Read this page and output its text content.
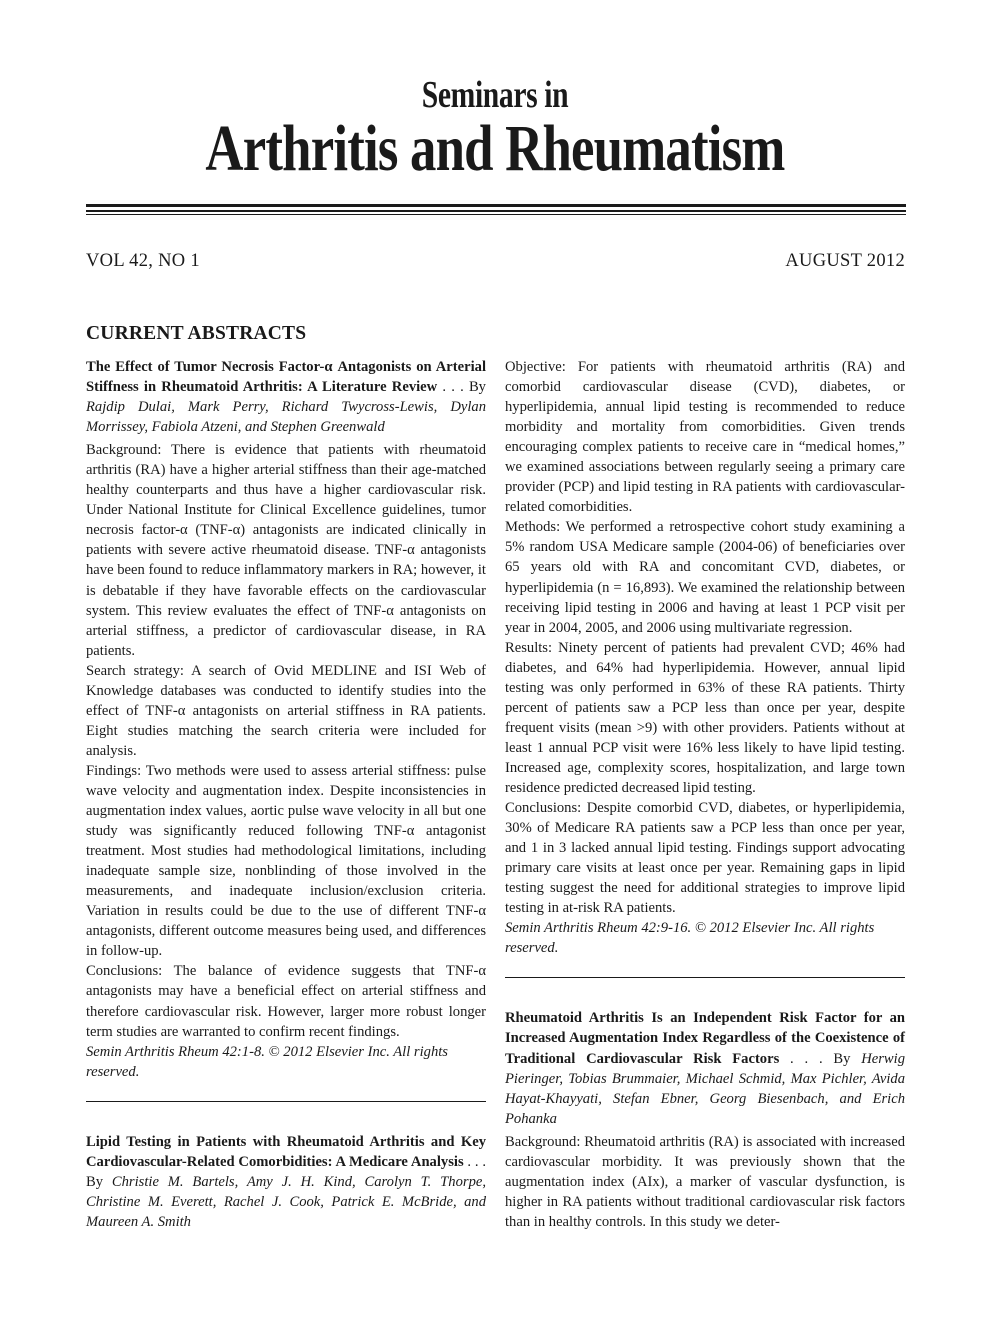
Seminars in
Arthritis and Rheumatism
VOL 42, NO 1	AUGUST 2012
CURRENT ABSTRACTS
The Effect of Tumor Necrosis Factor-α Antagonists on Arterial Stiffness in Rheumatoid Arthritis: A Literature Review . . . By Rajdip Dulai, Mark Perry, Richard Twycross-Lewis, Dylan Morrissey, Fabiola Atzeni, and Stephen Greenwald
Background: There is evidence that patients with rheumatoid arthritis (RA) have a higher arterial stiffness than their age-matched healthy counterparts and thus have a higher cardiovascular risk. Under National Institute for Clinical Excellence guidelines, tumor necrosis factor-α (TNF-α) antagonists are indicated clinically in patients with severe active rheumatoid disease. TNF-α antagonists have been found to reduce inflammatory markers in RA; however, it is debatable if they have favorable effects on the cardiovascular system. This review evaluates the effect of TNF-α antagonists on arterial stiffness, a predictor of cardiovascular disease, in RA patients.
Search strategy: A search of Ovid MEDLINE and ISI Web of Knowledge databases was conducted to identify studies into the effect of TNF-α antagonists on arterial stiffness in RA patients. Eight studies matching the search criteria were included for analysis.
Findings: Two methods were used to assess arterial stiffness: pulse wave velocity and augmentation index. Despite inconsistencies in augmentation index values, aortic pulse wave velocity in all but one study was significantly reduced following TNF-α antagonist treatment. Most studies had methodological limitations, including inadequate sample size, nonblinding of those involved in the measurements, and inadequate inclusion/exclusion criteria. Variation in results could be due to the use of different TNF-α antagonists, different outcome measures being used, and differences in follow-up.
Conclusions: The balance of evidence suggests that TNF-α antagonists may have a beneficial effect on arterial stiffness and therefore cardiovascular risk. However, larger more robust longer term studies are warranted to confirm recent findings.
Semin Arthritis Rheum 42:1-8. © 2012 Elsevier Inc. All rights reserved.
Lipid Testing in Patients with Rheumatoid Arthritis and Key Cardiovascular-Related Comorbidities: A Medicare Analysis . . . By Christie M. Bartels, Amy J. H. Kind, Carolyn T. Thorpe, Christine M. Everett, Rachel J. Cook, Patrick E. McBride, and Maureen A. Smith
Objective: For patients with rheumatoid arthritis (RA) and comorbid cardiovascular disease (CVD), diabetes, or hyperlipidemia, annual lipid testing is recommended to reduce morbidity and mortality from comorbidities. Given trends encouraging complex patients to receive care in “medical homes,” we examined associations between regularly seeing a primary care provider (PCP) and lipid testing in RA patients with cardiovascular-related comorbidities.
Methods: We performed a retrospective cohort study examining a 5% random USA Medicare sample (2004-06) of beneficiaries over 65 years old with RA and concomitant CVD, diabetes, or hyperlipidemia (n = 16,893). We examined the relationship between receiving lipid testing in 2006 and having at least 1 PCP visit per year in 2004, 2005, and 2006 using multivariate regression.
Results: Ninety percent of patients had prevalent CVD; 46% had diabetes, and 64% had hyperlipidemia. However, annual lipid testing was only performed in 63% of these RA patients. Thirty percent of patients saw a PCP less than once per year, despite frequent visits (mean >9) with other providers. Patients without at least 1 annual PCP visit were 16% less likely to have lipid testing. Increased age, complexity scores, hospitalization, and large town residence predicted decreased lipid testing.
Conclusions: Despite comorbid CVD, diabetes, or hyperlipidemia, 30% of Medicare RA patients saw a PCP less than once per year, and 1 in 3 lacked annual lipid testing. Findings support advocating primary care visits at least once per year. Remaining gaps in lipid testing suggest the need for additional strategies to improve lipid testing in at-risk RA patients.
Semin Arthritis Rheum 42:9-16. © 2012 Elsevier Inc. All rights reserved.
Rheumatoid Arthritis Is an Independent Risk Factor for an Increased Augmentation Index Regardless of the Coexistence of Traditional Cardiovascular Risk Factors . . . By Herwig Pieringer, Tobias Brummaier, Michael Schmid, Max Pichler, Avida Hayat-Khayyati, Stefan Ebner, Georg Biesenbach, and Erich Pohanka
Background: Rheumatoid arthritis (RA) is associated with increased cardiovascular morbidity. It was previously shown that the augmentation index (AIx), a marker of vascular dysfunction, is higher in RA patients without traditional cardiovascular risk factors than in healthy controls. In this study we deter-
